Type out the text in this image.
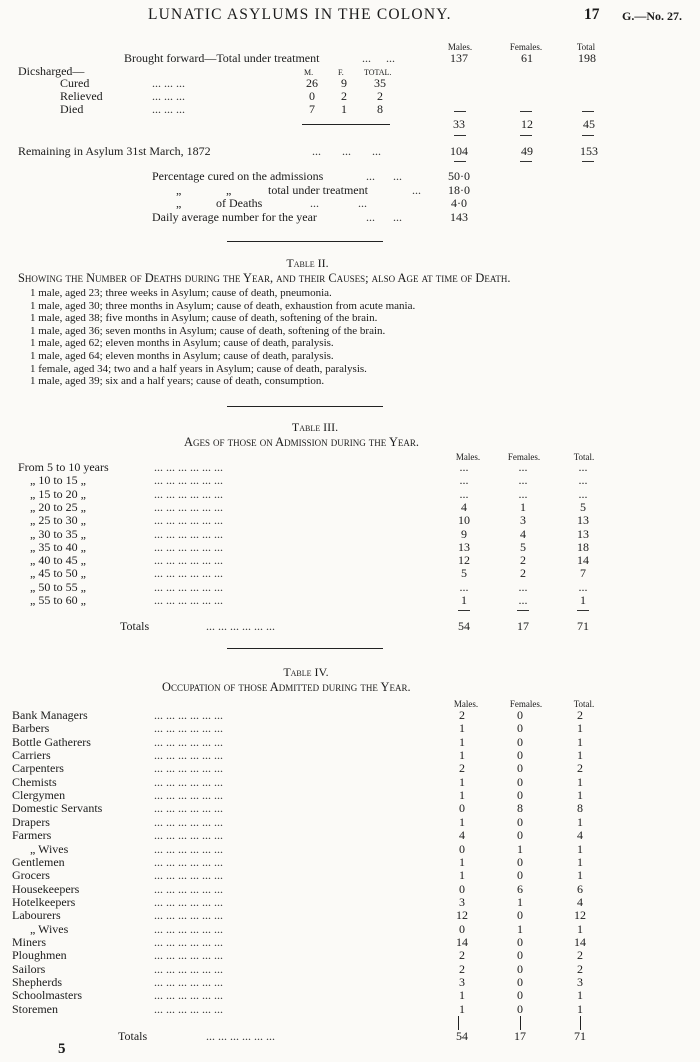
LUNATIC ASYLUMS IN THE COLONY.	17 G.—No. 27.
Males.	Females.	Total
Brought forward—Total under treatment	...     ...	137	61	198
Dicsharged—	M.	F.	TOTAL.
Cured	... ... ...	26	9	35
Relieved	... ... ...	0	2	2
Died	... ... ...	7	1	8
33	12	45
Remaining in Asylum 31st March, 1872	...       ...       ...	104	49	153
Percentage cured on the admissions	...      ...	50·0
„	„	total under treatment	...	18·0
„	of Deaths	...             ...	4·0
Daily average number for the year	...      ...	143
Table II.
Showing the Number of Deaths during the Year, and their Causes; also Age at time of Death.
1 male, aged 23; three weeks in Asylum; cause of death, pneumonia.
1 male, aged 30; three months in Asylum; cause of death, exhaustion from acute mania.
1 male, aged 38; five months in Asylum; cause of death, softening of the brain.
1 male, aged 36; seven months in Asylum; cause of death, softening of the brain.
1 male, aged 62; eleven months in Asylum; cause of death, paralysis.
1 male, aged 64; eleven months in Asylum; cause of death, paralysis.
1 female, aged 34; two and a half years in Asylum; cause of death, paralysis.
1 male, aged 39; six and a half years; cause of death, consumption.
Table III.
Ages of those on Admission during the Year.
Males.	Females.	Total.
From 5 to 10 years	... ... ... ... ... ...	...	...	...
„ 10 to 15 „	... ... ... ... ... ...	...	...	...
„ 15 to 20 „	... ... ... ... ... ...	...	...	...
„ 20 to 25 „	... ... ... ... ... ...	4	1	5
„ 25 to 30 „	... ... ... ... ... ...	10	3	13
„ 30 to 35 „	... ... ... ... ... ...	9	4	13
„ 35 to 40 „	... ... ... ... ... ...	13	5	18
„ 40 to 45 „	... ... ... ... ... ...	12	2	14
„ 45 to 50 „	... ... ... ... ... ...	5	2	7
„ 50 to 55 „	... ... ... ... ... ...	...	...	...
„ 55 to 60 „	... ... ... ... ... ...	1	...	1
Totals	... ... ... ... ... ...	54	17	71
Table IV.
Occupation of those Admitted during the Year.
Males.	Females.	Total.
Bank Managers	... ... ... ... ... ...	2	0	2
Barbers	... ... ... ... ... ...	1	0	1
Bottle Gatherers	... ... ... ... ... ...	1	0	1
Carriers	... ... ... ... ... ...	1	0	1
Carpenters	... ... ... ... ... ...	2	0	2
Chemists	... ... ... ... ... ...	1	0	1
Clergymen	... ... ... ... ... ...	1	0	1
Domestic Servants	... ... ... ... ... ...	0	8	8
Drapers	... ... ... ... ... ...	1	0	1
Farmers	... ... ... ... ... ...	4	0	4
„ Wives	... ... ... ... ... ...	0	1	1
Gentlemen	... ... ... ... ... ...	1	0	1
Grocers	... ... ... ... ... ...	1	0	1
Housekeepers	... ... ... ... ... ...	0	6	6
Hotelkeepers	... ... ... ... ... ...	3	1	4
Labourers	... ... ... ... ... ...	12	0	12
„ Wives	... ... ... ... ... ...	0	1	1
Miners	... ... ... ... ... ...	14	0	14
Ploughmen	... ... ... ... ... ...	2	0	2
Sailors	... ... ... ... ... ...	2	0	2
Shepherds	... ... ... ... ... ...	3	0	3
Schoolmasters	... ... ... ... ... ...	1	0	1
Storemen	... ... ... ... ... ...	1	0	1
Totals	... ... ... ... ... ...	54	17	71
5
